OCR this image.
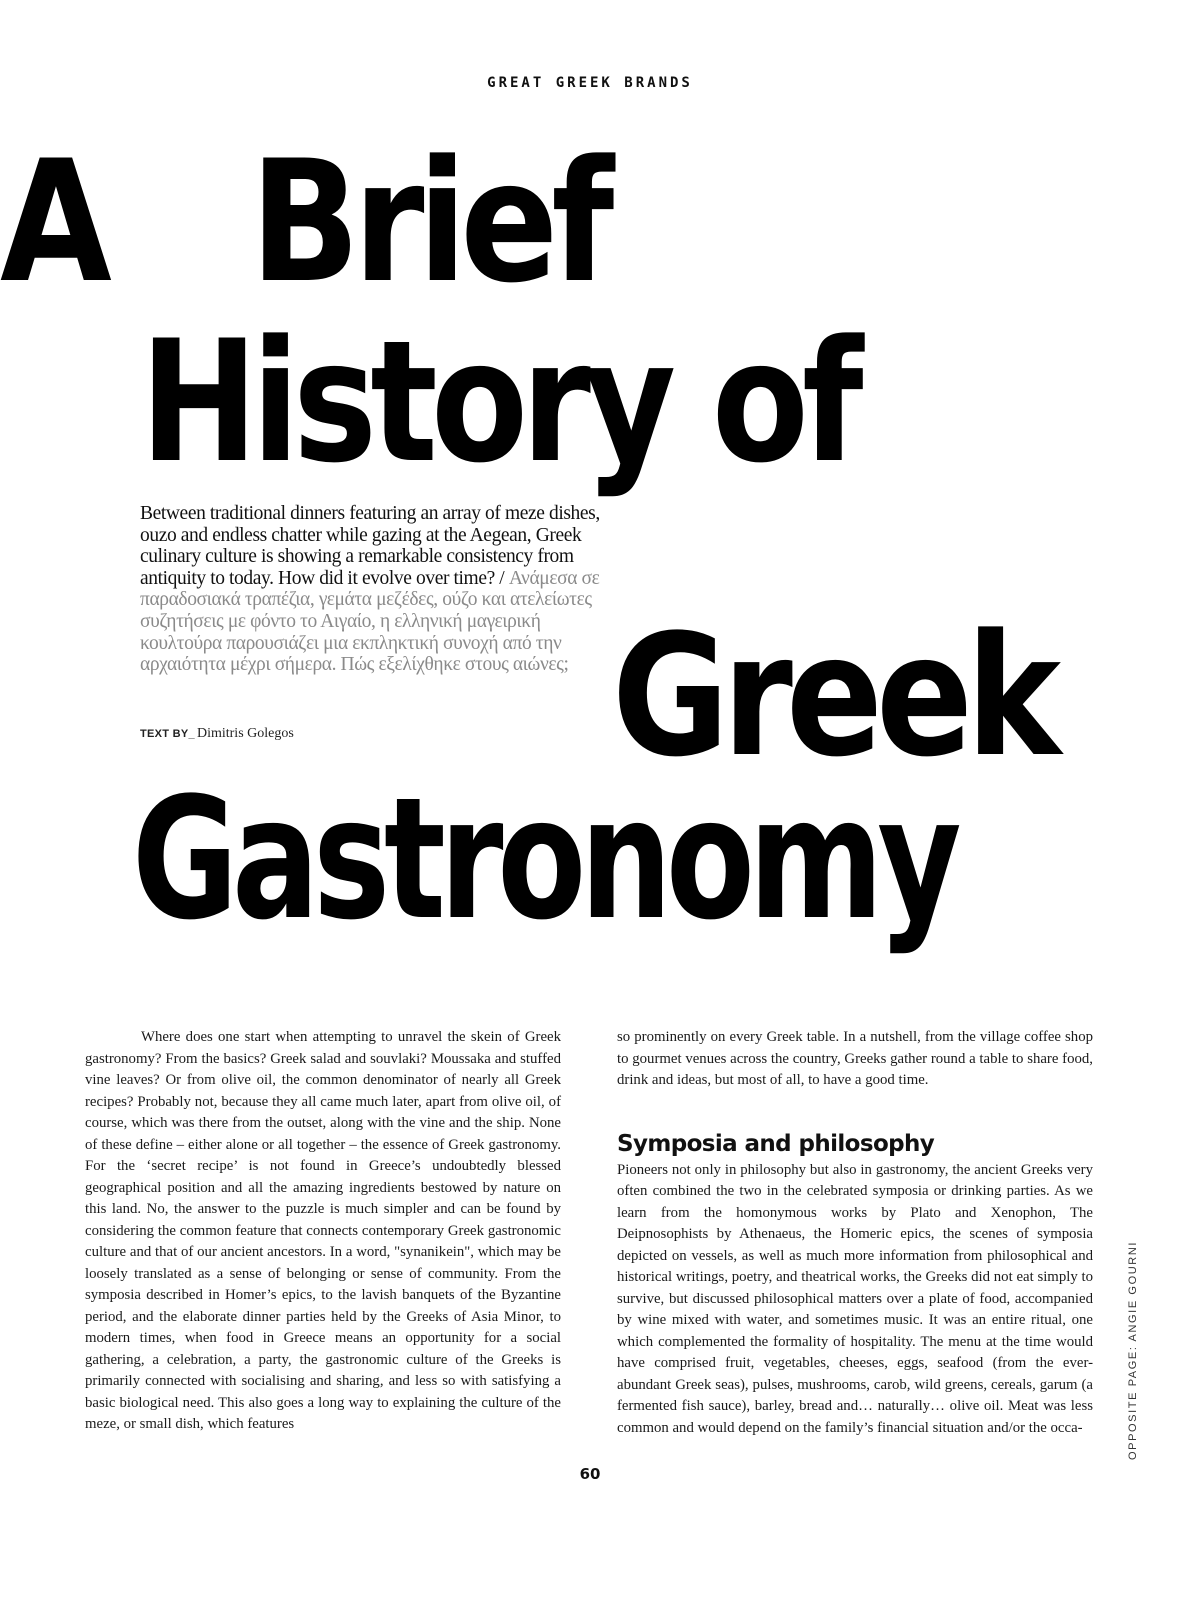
GREAT GREEK BRANDS
A Brief
History of
Greek
Gastronomy
Between traditional dinners featuring an array of meze dishes, ouzo and endless chatter while gazing at the Aegean, Greek culinary culture is showing a remarkable consistency from antiquity to today. How did it evolve over time? / Ανάμεσα σε παραδοσιακά τραπέζια, γεμάτα μεζέδες, ούζο και ατελείωτες συζητήσεις με φόντο το Αιγαίο, η ελληνική μαγειρική κουλτούρα παρουσιάζει μια εκπληκτική συνοχή από την αρχαιότητα μέχρι σήμερα. Πώς εξελίχθηκε στους αιώνες;
TEXT BY_ Dimitris Golegos

Where does one start when attempting to unravel the skein of Greek gastronomy? From the basics? Greek salad and souvlaki? Moussaka and stuffed vine leaves? Or from olive oil, the common denominator of nearly all Greek recipes? Probably not, because they all came much later, apart from olive oil, of course, which was there from the outset, along with the vine and the ship. None of these define – either alone or all together – the essence of Greek gastronomy. For the ‘secret recipe’ is not found in Greece’s undoubtedly blessed geographical position and all the amazing ingredients bestowed by nature on this land. No, the answer to the puzzle is much simpler and can be found by considering the common feature that connects contemporary Greek gastronomic culture and that of our ancient ancestors. In a word, "synanikein", which may be loosely translated as a sense of belonging or sense of community. From the symposia described in Homer’s epics, to the lavish banquets of the Byzantine period, and the elaborate dinner parties held by the Greeks of Asia Minor, to modern times, when food in Greece means an opportunity for a social gathering, a celebration, a party, the gastronomic culture of the Greeks is primarily connected with socialising and sharing, and less so with satisfying a basic biological need. This also goes a long way to explaining the culture of the meze, or small dish, which features

so prominently on every Greek table. In a nutshell, from the village coffee shop to gourmet venues across the country, Greeks gather round a table to share food, drink and ideas, but most of all, to have a good time.

Symposia and philosophy

Pioneers not only in philosophy but also in gastronomy, the ancient Greeks very often combined the two in the celebrated symposia or drinking parties. As we learn from the homonymous works by Plato and Xenophon, The Deipnosophists by Athenaeus, the Homeric epics, the scenes of symposia depicted on vessels, as well as much more information from philosophical and historical writings, poetry, and theatrical works, the Greeks did not eat simply to survive, but discussed philosophical matters over a plate of food, accompanied by wine mixed with water, and sometimes music. It was an entire ritual, one which complemented the formality of hospitality. The menu at the time would have comprised fruit, vegetables, cheeses, eggs, seafood (from the ever-abundant Greek seas), pulses, mushrooms, carob, wild greens, cereals, garum (a fermented fish sauce), barley, bread and… naturally… olive oil. Meat was less common and would depend on the family’s financial situation and/or the occa-	OPPOSITE PAGE: ANGIE GOURNI
60
